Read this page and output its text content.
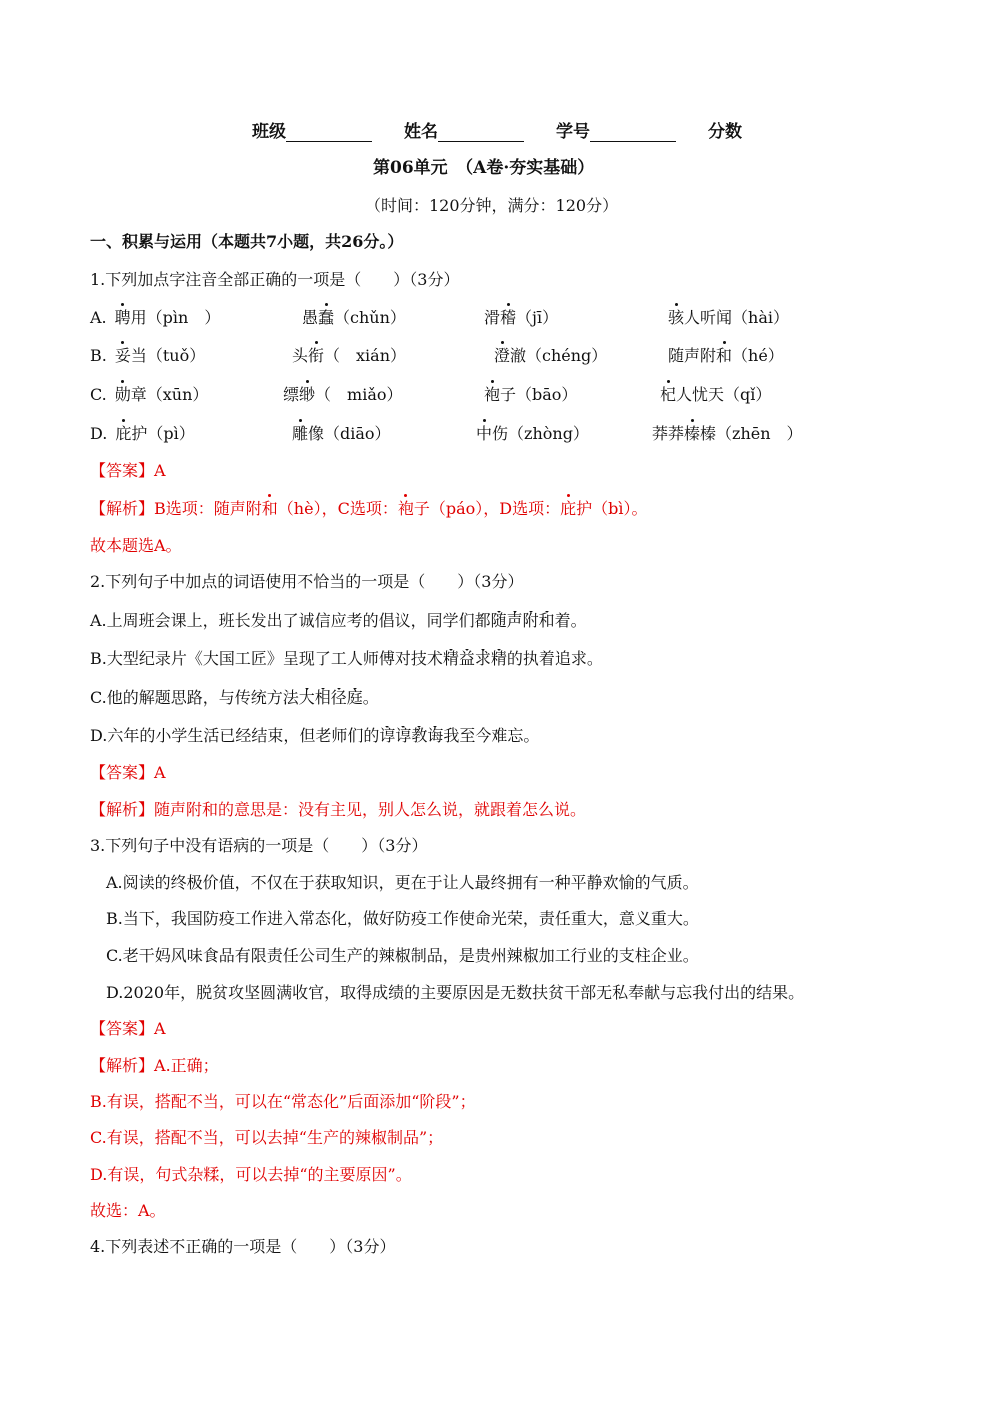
班级	姓名	学号	分数
第06单元　（A卷·夯实基础）
（时间：120分钟，满分：120分）
一、积累与运用（本题共7小题，共26分。）
1.下列加点字注音全部正确的一项是（　　）（3分）
A. 聘用（pìn　）	愚蠢（chǔn）	滑稽（jī）	骇人听闻（hài）
B. 妥当（tuǒ）	头衔（　xián）	澄澈（chéng）	随声附和（hé）
C. 勋章（xūn）	缥缈（　miǎo）	袍子（bāo）	杞人忧天（qǐ）
D. 庇护（pì）	雕像（diāo）	中伤（zhòng）	莽莽榛榛（zhēn　）
【答案】A
【解析】B选项：随声附和（hè），C选项：袍子（páo），D选项：庇护（bì）。
故本题选A。
2.下列句子中加点的词语使用不恰当的一项是（　　）（3分）
A.上周班会课上，班长发出了诚信应考的倡议，同学们都随声附和着。
B.大型纪录片《大国工匠》呈现了工人师傅对技术精益求精的执着追求。
C.他的解题思路，与传统方法大相径庭。
D.六年的小学生活已经结束，但老师们的谆谆教诲我至今难忘。
【答案】A
【解析】随声附和的意思是：没有主见，别人怎么说，就跟着怎么说。
3.下列句子中没有语病的一项是（　　）（3分）
A.阅读的终极价值，不仅在于获取知识，更在于让人最终拥有一种平静欢愉的气质。
B.当下，我国防疫工作进入常态化，做好防疫工作使命光荣，责任重大，意义重大。
C.老干妈风味食品有限责任公司生产的辣椒制品，是贵州辣椒加工行业的支柱企业。
D.2020年，脱贫攻坚圆满收官，取得成绩的主要原因是无数扶贫干部无私奉献与忘我付出的结果。
【答案】A
【解析】A.正确；
B.有误，搭配不当，可以在“常态化”后面添加“阶段”；
C.有误，搭配不当，可以去掉“生产的辣椒制品”；
D.有误，句式杂糅，可以去掉“的主要原因”。
故选：A。
4.下列表述不正确的一项是（　　）（3分）
